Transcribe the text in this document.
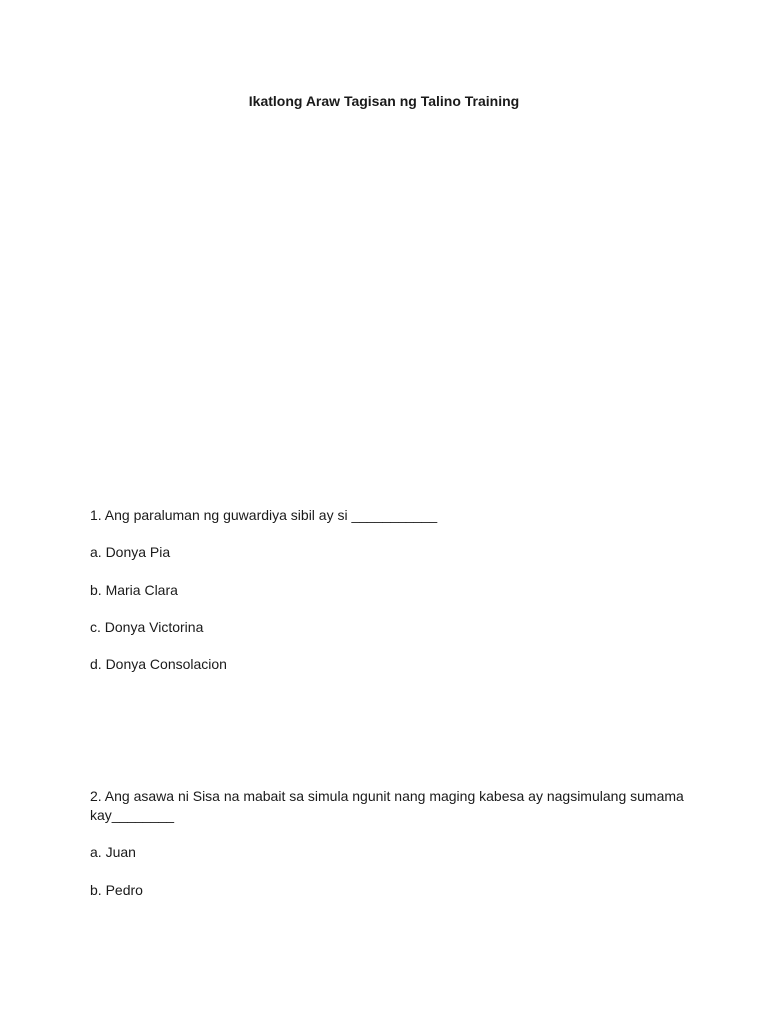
Ikatlong Araw Tagisan ng Talino Training
1. Ang paraluman ng guwardiya sibil ay si ___________
a. Donya Pia
b. Maria Clara
c. Donya Victorina
d. Donya Consolacion
2. Ang asawa ni Sisa na mabait sa simula ngunit nang maging kabesa ay nagsimulang sumama
kay________
a. Juan
b. Pedro
